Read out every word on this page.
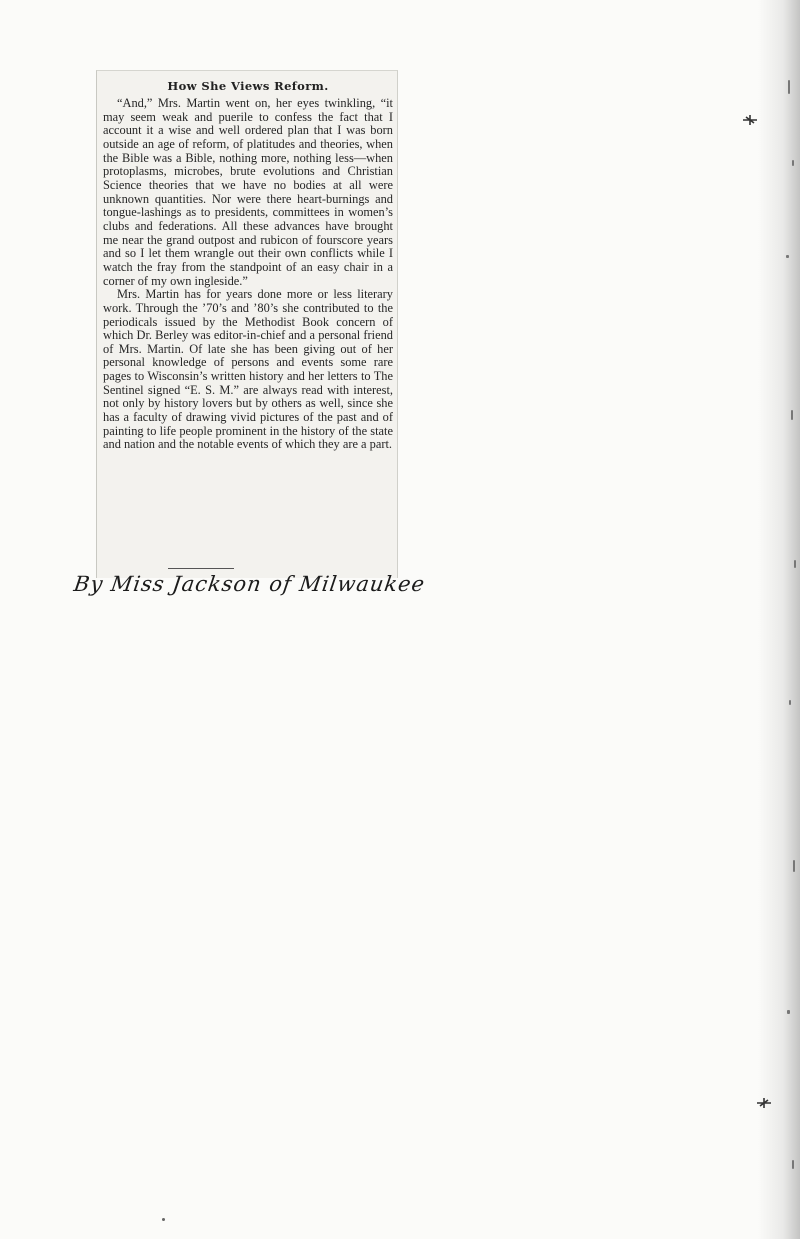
How She Views Reform.

“And,” Mrs. Martin went on, her eyes twinkling, “it may seem weak and puerile to confess the fact that I account it a wise and well ordered plan that I was born outside an age of reform, of platitudes and theories, when the Bible was a Bible, nothing more, nothing less—when protoplasms, microbes, brute evolutions and Christian Science theories that we have no bodies at all were unknown quantities. Nor were there heart-burnings and tongue-lashings as to presidents, committees in women’s clubs and federations. All these advances have brought me near the grand outpost and rubicon of fourscore years and so I let them wrangle out their own conflicts while I watch the fray from the standpoint of an easy chair in a corner of my own ingleside.”

Mrs. Martin has for years done more or less literary work. Through the ’70’s and ’80’s she contributed to the periodicals issued by the Methodist Book concern of which Dr. Berley was editor-in-chief and a personal friend of Mrs. Martin. Of late she has been giving out of her personal knowledge of persons and events some rare pages to Wisconsin’s written history and her letters to The Sentinel signed “E. S. M.” are always read with interest, not only by history lovers but by others as well, since she has a faculty of drawing vivid pictures of the past and of painting to life people prominent in the history of the state and nation and the notable events of which they are a part.

By Miss Jackson of Milwaukee
